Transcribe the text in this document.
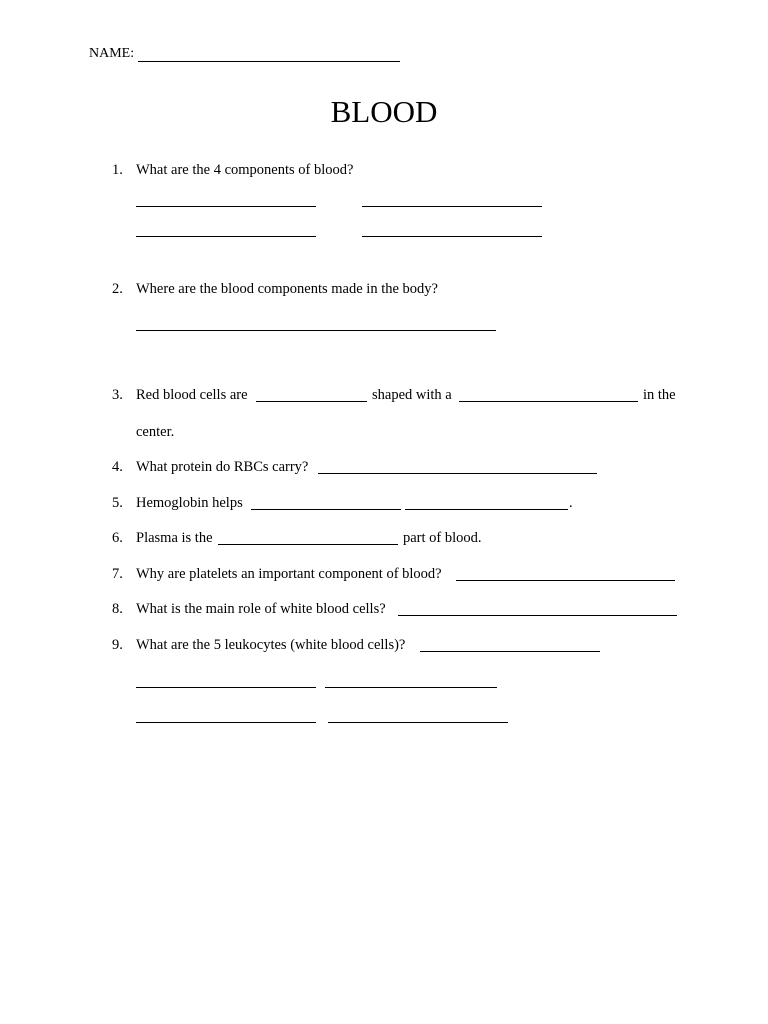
NAME:
BLOOD
1. What are the 4 components of blood?
2. Where are the blood components made in the body?
3. Red blood cells are	shaped with a	in the
center.
4. What protein do RBCs carry?
5. Hemoglobin helps	.
6. Plasma is the	part of blood.
7. Why are platelets an important component of blood?
8. What is the main role of white blood cells?
9. What are the 5 leukocytes (white blood cells)?
